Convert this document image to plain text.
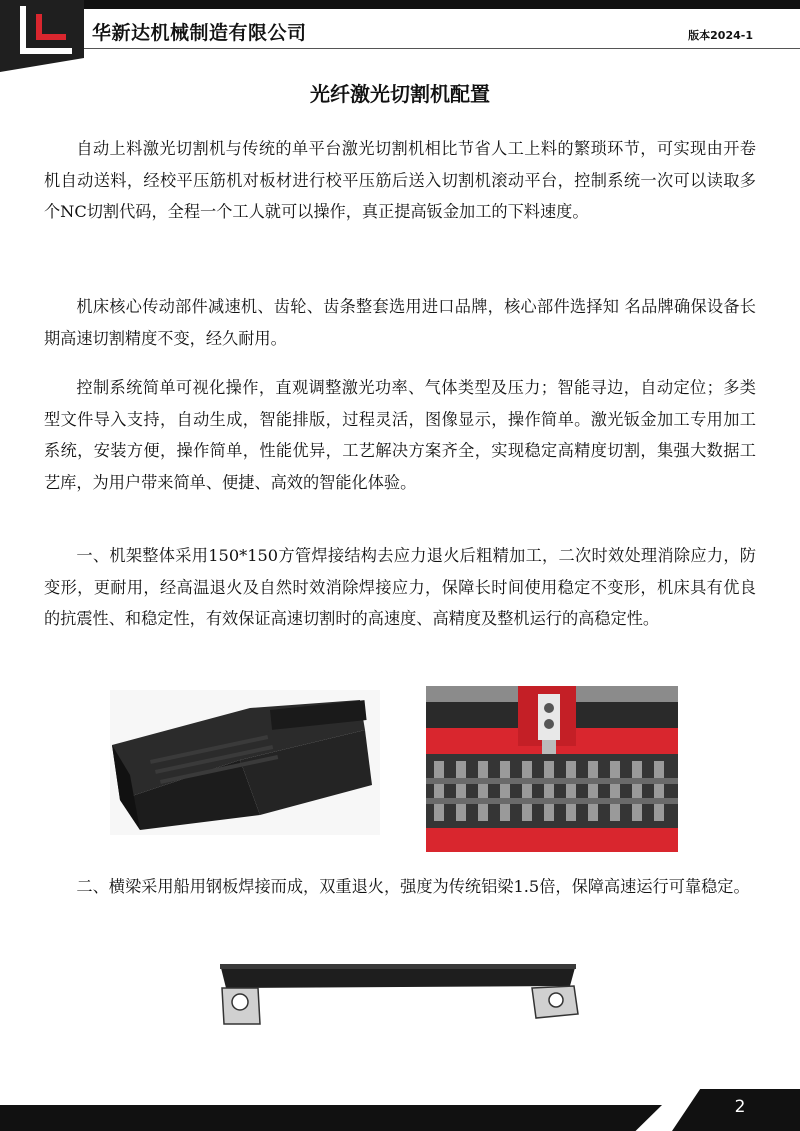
华新达机械制造有限公司	版本2024-1
光纤激光切割机配置

自动上料激光切割机与传统的单平台激光切割机相比节省人工上料的繁琐环节，可实现由开卷机自动送料，经校平压筋机对板材进行校平压筋后送入切割机滚动平台，控制系统一次可以读取多个NC切割代码，全程一个工人就可以操作，真正提高钣金加工的下料速度。

机床核心传动部件减速机、齿轮、齿条整套选用进口品牌，核心部件选择知 名品牌确保设备长期高速切割精度不变，经久耐用。

控制系统简单可视化操作，直观调整激光功率、气体类型及压力；智能寻边，自动定位；多类型文件导入支持，自动生成，智能排版，过程灵活，图像显示，操作简单。激光钣金加工专用加工系统，安装方便，操作简单，性能优异，工艺解决方案齐全，实现稳定高精度切割，集强大数据工艺库，为用户带来简单、便捷、高效的智能化体验。

一、机架整体采用150*150方管焊接结构去应力退火后粗精加工，二次时效处理消除应力，防变形，更耐用，经高温退火及自然时效消除焊接应力，保障长时间使用稳定不变形，机床具有优良的抗震性、和稳定性，有效保证高速切割时的高速度、高精度及整机运行的高稳定性。

二、横梁采用船用钢板焊接而成，双重退火，强度为传统铝梁1.5倍，保障高速运行可靠稳定。

2
